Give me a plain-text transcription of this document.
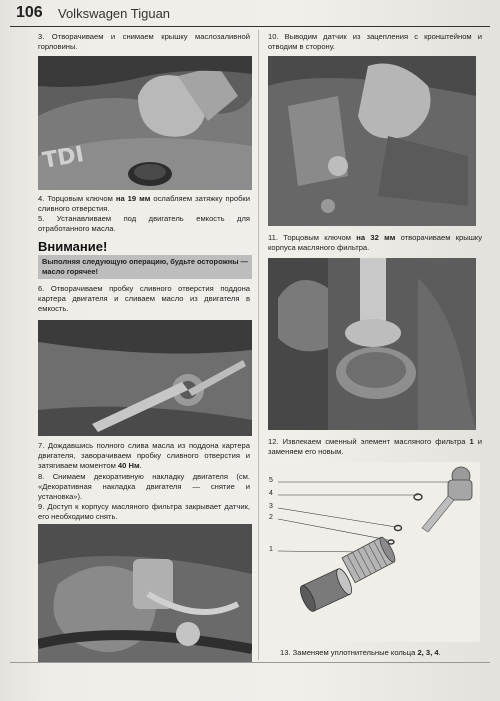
106 Volkswagen Tiguan
3. Отворачиваем и снимаем крышку маслозаливной горловины.
TDI
4. Торцовым ключом на 19 мм ослабляем затяжку пробки сливного отверстия.
5. Устанавливаем под двигатель емкость для отработанного масла.
Внимание!
Выполняя следующую операцию, будьте осторожны — масло горячее!
6. Отворачиваем пробку сливного отверстия поддона картера двигателя и сливаем масло из двигателя в емкость.
7. Дождавшись полного слива масла из поддона картера двигателя, заворачиваем пробку сливного отверстия и затягиваем моментом 40 Нм.
8. Снимаем декоративную накладку двигателя (см. «Декоративная накладка двигателя — снятие и установка»).
9. Доступ к корпусу масляного фильтра закрывает датчик, его необходимо снять.
10. Выводим датчик из зацепления с кронштейном и отводим в сторону.
11. Торцовым ключом на 32 мм отворачиваем крышку корпуса масляного фильтра.
12. Извлекаем сменный элемент масляного фильтра 1 и заменяем его новым.
5
4
3
2
1
13. Заменяем уплотнительные кольца 2, 3, 4.
